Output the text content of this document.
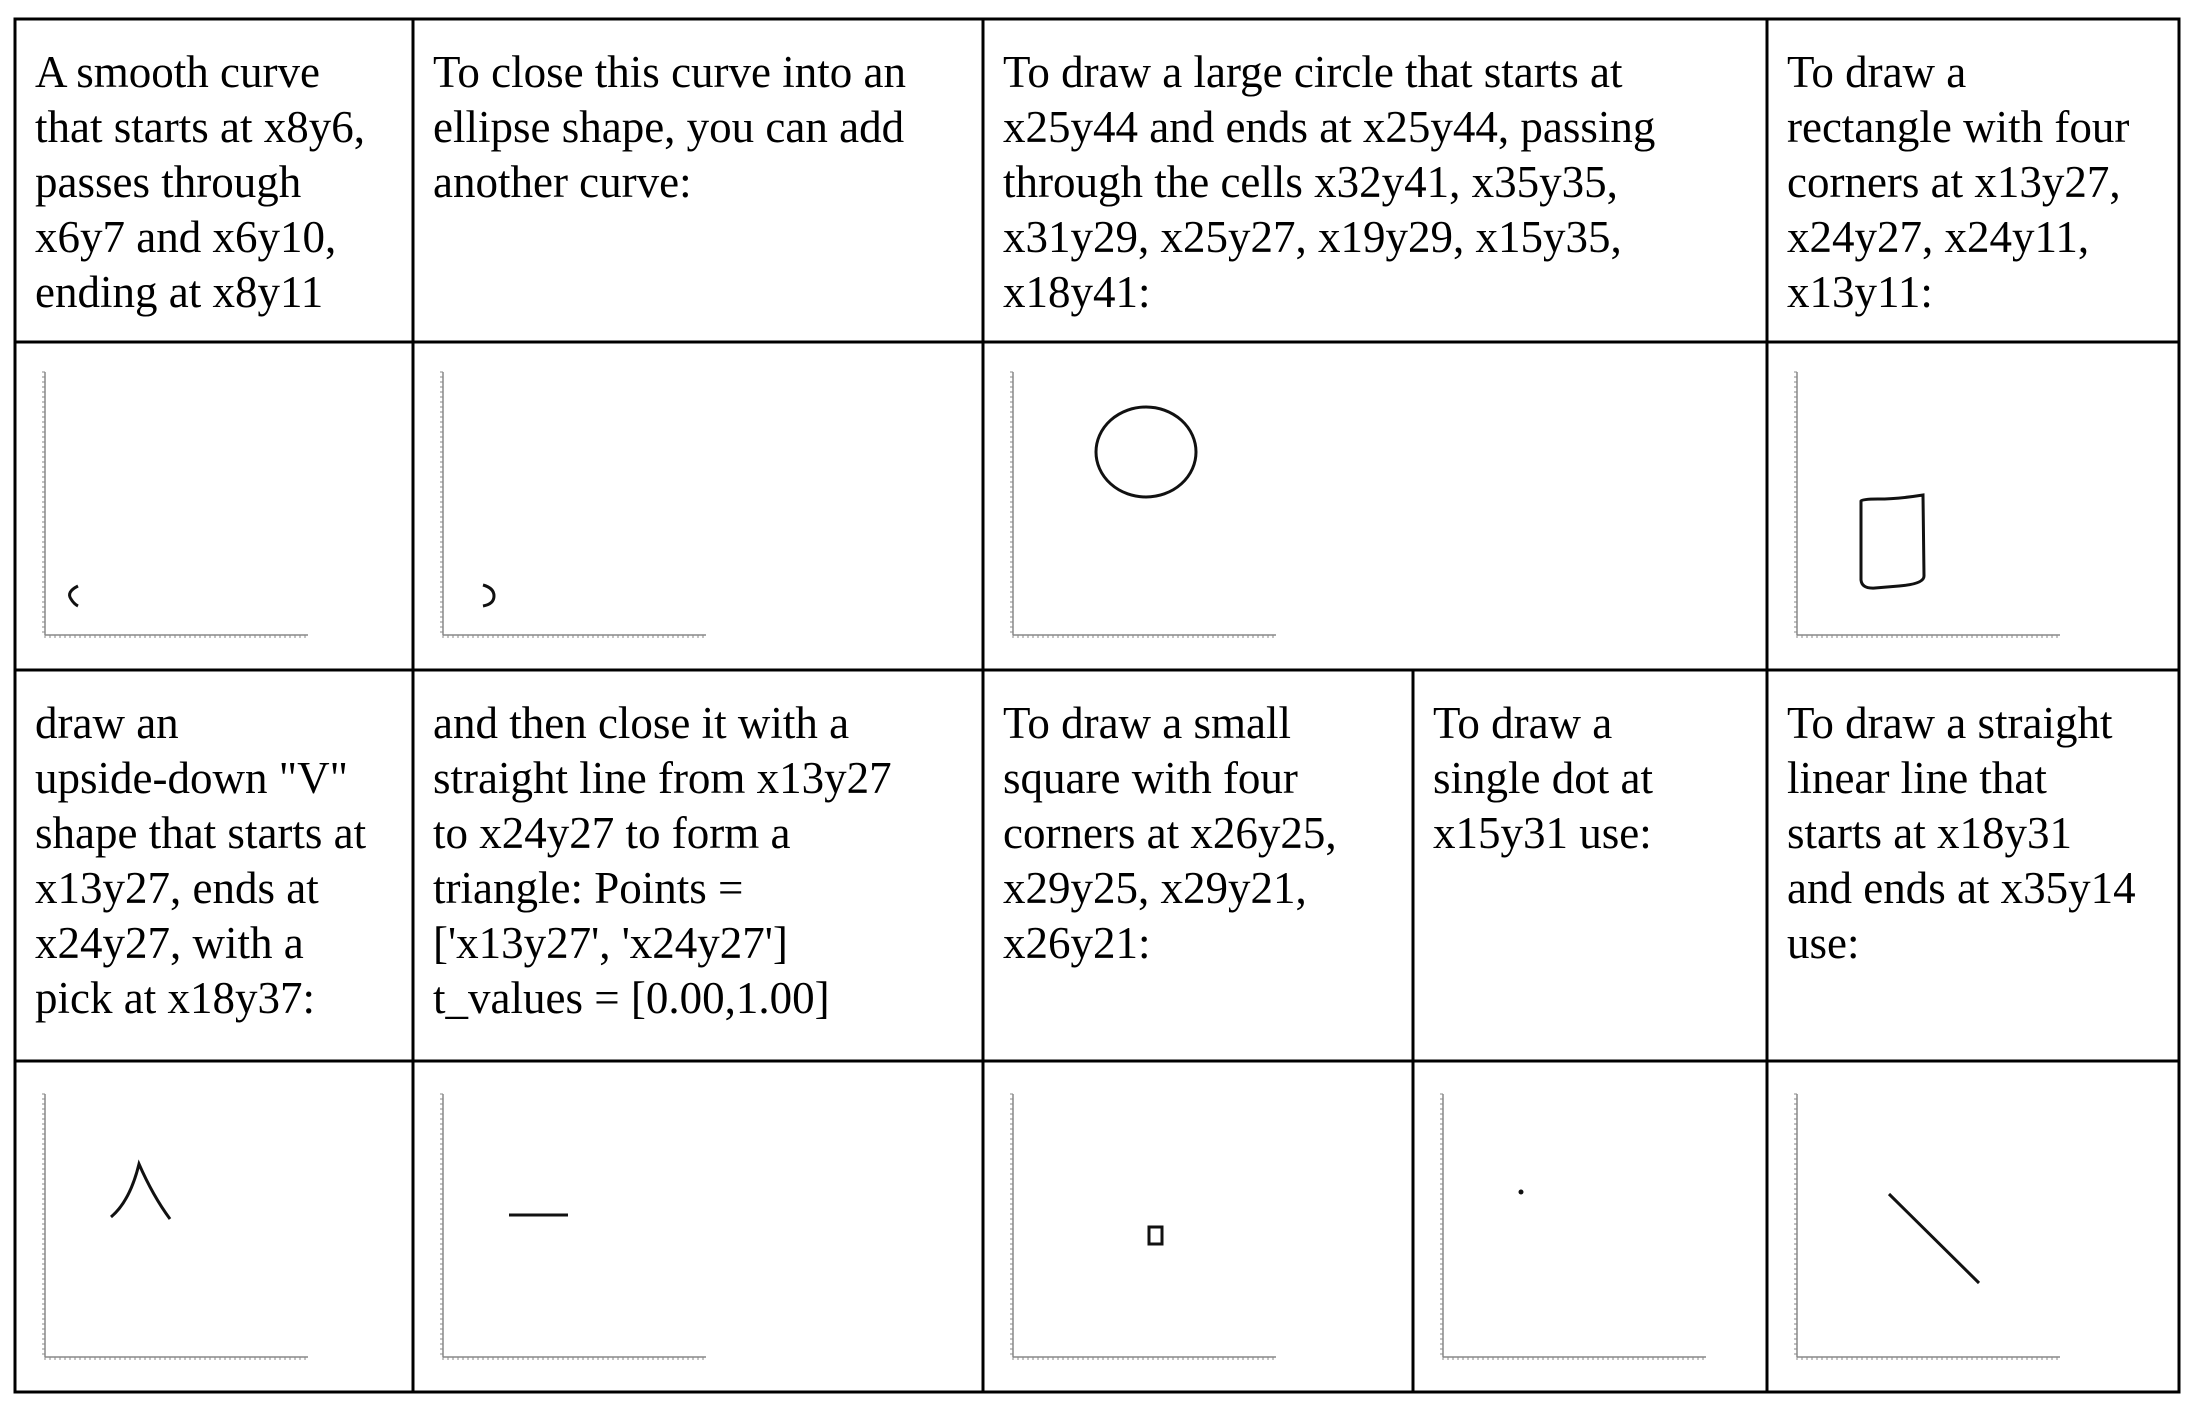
A smooth curve
that starts at x8y6,
passes through
x6y7 and x6y10,
ending at x8y11
To close this curve into an
ellipse shape, you can add
another curve:
To draw a large circle that starts at
x25y44 and ends at x25y44, passing
through the cells x32y41, x35y35,
x31y29, x25y27, x19y29, x15y35,
x18y41:
To draw a
rectangle with four
corners at x13y27,
x24y27, x24y11,
x13y11:
draw an
upside-down "V"
shape that starts at
x13y27, ends at
x24y27, with a
pick at x18y37:
and then close it with a
straight line from x13y27
to x24y27 to form a
triangle: Points =
['x13y27', 'x24y27']
t_values = [0.00,1.00]
To draw a small
square with four
corners at x26y25,
x29y25, x29y21,
x26y21:
To draw a
single dot at
x15y31 use:
To draw a straight
linear line that
starts at x18y31
and ends at x35y14
use:
